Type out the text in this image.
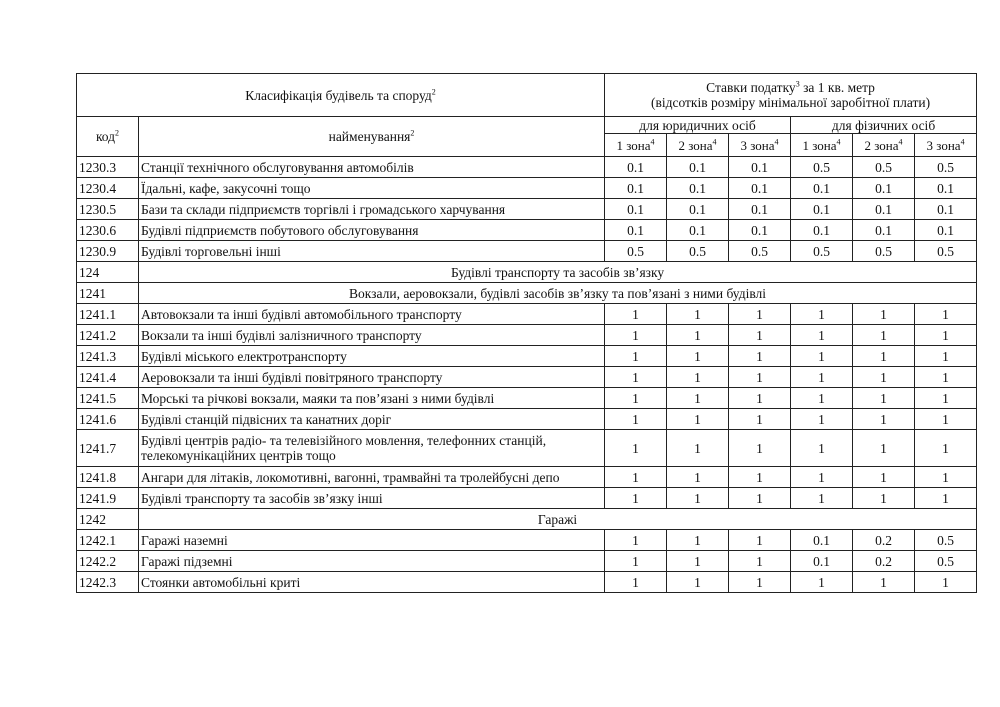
Класифікація будівель та споруд$^2$		Ставки податку$^3$ за 1 кв. метр
(відсотків розміру мінімальної заробітної плати)					
код$^2$	найменування$^2$	для юридичних осіб			для фізичних осіб		
		1 зона$^4$	2 зона$^4$	3 зона$^4$	1 зона$^4$	2 зона$^4$	3 зона$^4$
1230.3	Станції технічного обслуговування автомобілів	0.1	0.1	0.1	0.5	0.5	0.5
1230.4	Їдальні, кафе, закусочні тощо	0.1	0.1	0.1	0.1	0.1	0.1
1230.5	Бази та склади підприємств торгівлі і громадського харчування	0.1	0.1	0.1	0.1	0.1	0.1
1230.6	Будівлі підприємств побутового обслуговування	0.1	0.1	0.1	0.1	0.1	0.1
1230.9	Будівлі торговельні інші	0.5	0.5	0.5	0.5	0.5	0.5
124	Будівлі транспорту та засобів зв’язку						
1241	Вокзали, аеровокзали, будівлі засобів зв’язку та пов’язані з ними будівлі						
1241.1	Автовокзали та інші будівлі автомобільного транспорту	1	1	1	1	1	1
1241.2	Вокзали та інші будівлі залізничного транспорту	1	1	1	1	1	1
1241.3	Будівлі міського електротранспорту	1	1	1	1	1	1
1241.4	Аеровокзали та інші будівлі повітряного транспорту	1	1	1	1	1	1
1241.5	Морські та річкові вокзали, маяки та пов’язані з ними будівлі	1	1	1	1	1	1
1241.6	Будівлі станцій підвісних та канатних доріг	1	1	1	1	1	1
1241.7	Будівлі центрів радіо- та телевізійного мовлення, телефонних станцій, телекомунікаційних центрів тощо	1	1	1	1	1	1
1241.8	Ангари для літаків, локомотивні, вагонні, трамвайні та тролейбусні депо	1	1	1	1	1	1
1241.9	Будівлі транспорту та засобів зв’язку інші	1	1	1	1	1	1
1242	Гаражі						
1242.1	Гаражі наземні	1	1	1	0.1	0.2	0.5
1242.2	Гаражі підземні	1	1	1	0.1	0.2	0.5
1242.3	Стоянки автомобільні криті	1	1	1	1	1	1
